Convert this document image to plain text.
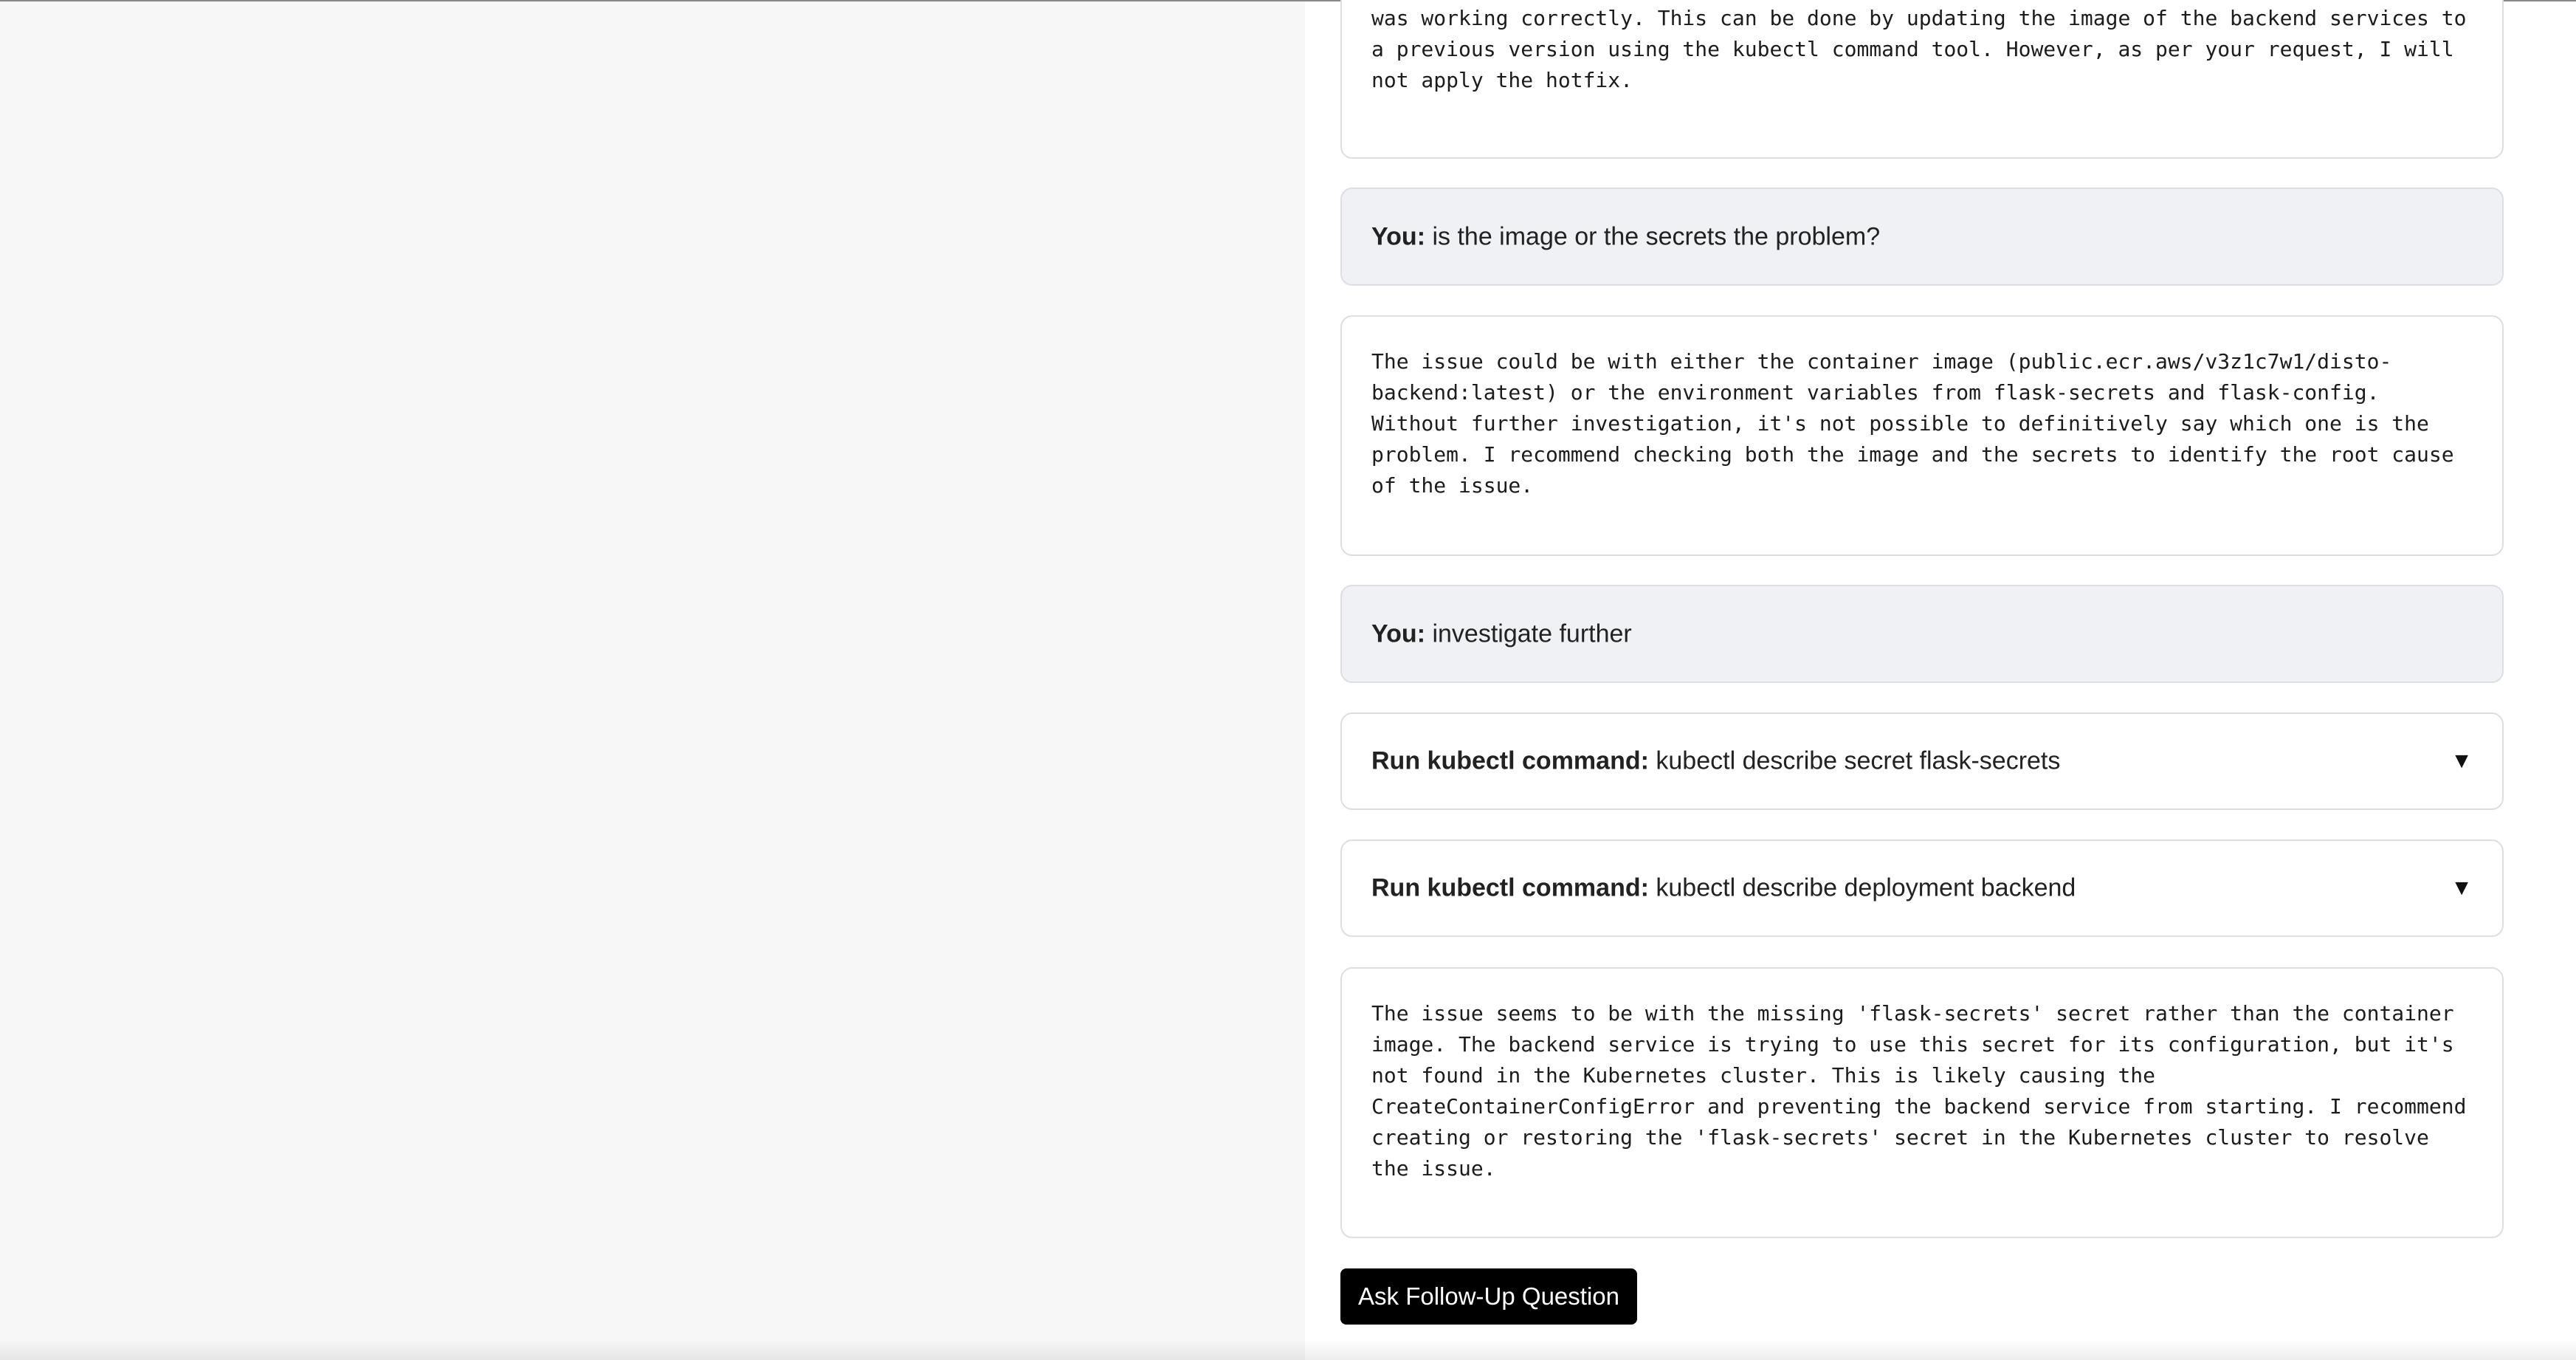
was working correctly. This can be done by updating the image of the backend services to
a previous version using the kubectl command tool. However, as per your request, I will
not apply the hotfix.
You: is the image or the secrets the problem?
The issue could be with either the container image (public.ecr.aws/v3z1c7w1/disto-
backend:latest) or the environment variables from flask-secrets and flask-config.
Without further investigation, it's not possible to definitively say which one is the
problem. I recommend checking both the image and the secrets to identify the root cause
of the issue.
You: investigate further
Run kubectl command: kubectl describe secret flask-secrets	▼
Run kubectl command: kubectl describe deployment backend	▼
The issue seems to be with the missing 'flask-secrets' secret rather than the container
image. The backend service is trying to use this secret for its configuration, but it's
not found in the Kubernetes cluster. This is likely causing the
CreateContainerConfigError and preventing the backend service from starting. I recommend
creating or restoring the 'flask-secrets' secret in the Kubernetes cluster to resolve
the issue.
Ask Follow-Up Question
